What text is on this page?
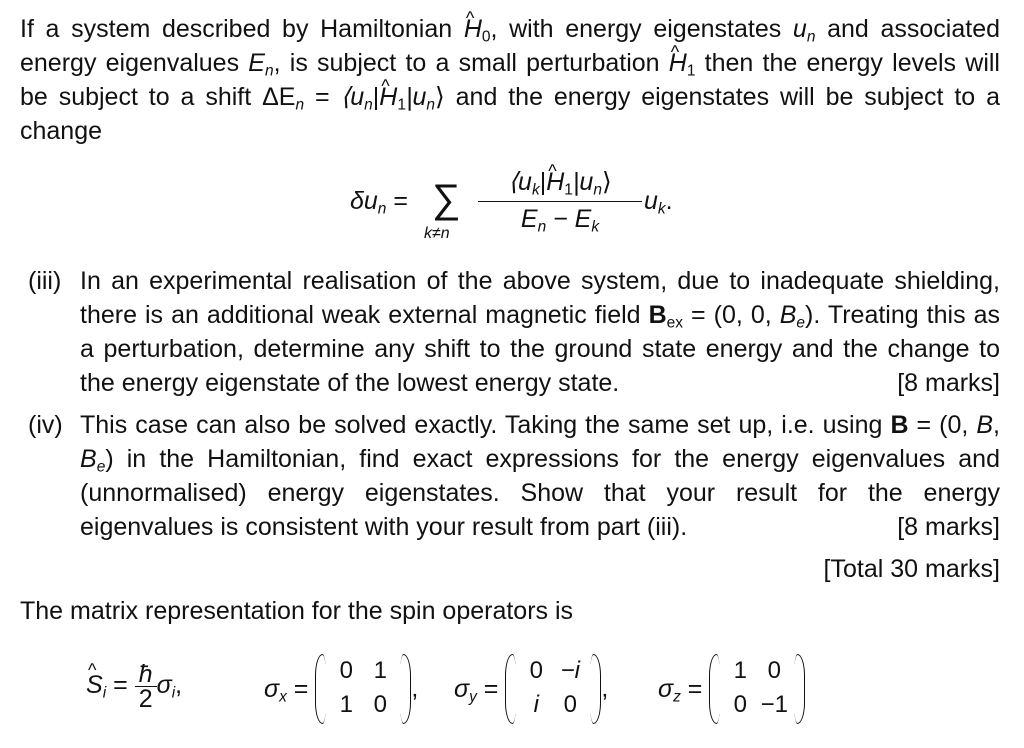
If a system described by Hamiltonian ^ $H_0$, with energy eigenstates $u_n$ and associated energy eigenvalues $E_n$, is subject to a small perturbation ^ $H_1$ then the energy levels will be subject to a shift $\Delta E_n$ = $⟨u_n|\^{}$ $H_1|u_n⟩$ and the energy eigenstates will be subject to a change
$\delta u_n$ = ∑
k≠n
$⟨u_k|\^{}$ $H_1|u_n⟩$
$E_n - E_k$
$u_k$.
(iii) In an experimental realisation of the above system, due to inadequate shielding, there is an additional weak external magnetic field $B_{ex} = (0$, 0, $B_e$). Treating this as a perturbation, determine any shift to the ground state energy and the change to the energy eigenstate of the lowest energy state.	[8 marks]
(iv) This case can also be solved exactly. Taking the same set up, i.e. using B = (0, B, $B_e$) in the Hamiltonian, find exact expressions for the energy eigenvalues and (unnormalised) energy eigenstates. Show that your result for the energy eigenvalues is consistent with your result from part (iii).	[8 marks]
[Total 30 marks]
The matrix representation for the spin operators is
^ $S_i = \frac{ħ}{2} \sigma_i$,	$\sigma_x$ =
0	1
1	0
, $\sigma_y$ =
0	−i
i	0
, $\sigma_z$ =
1	0
0	−1
